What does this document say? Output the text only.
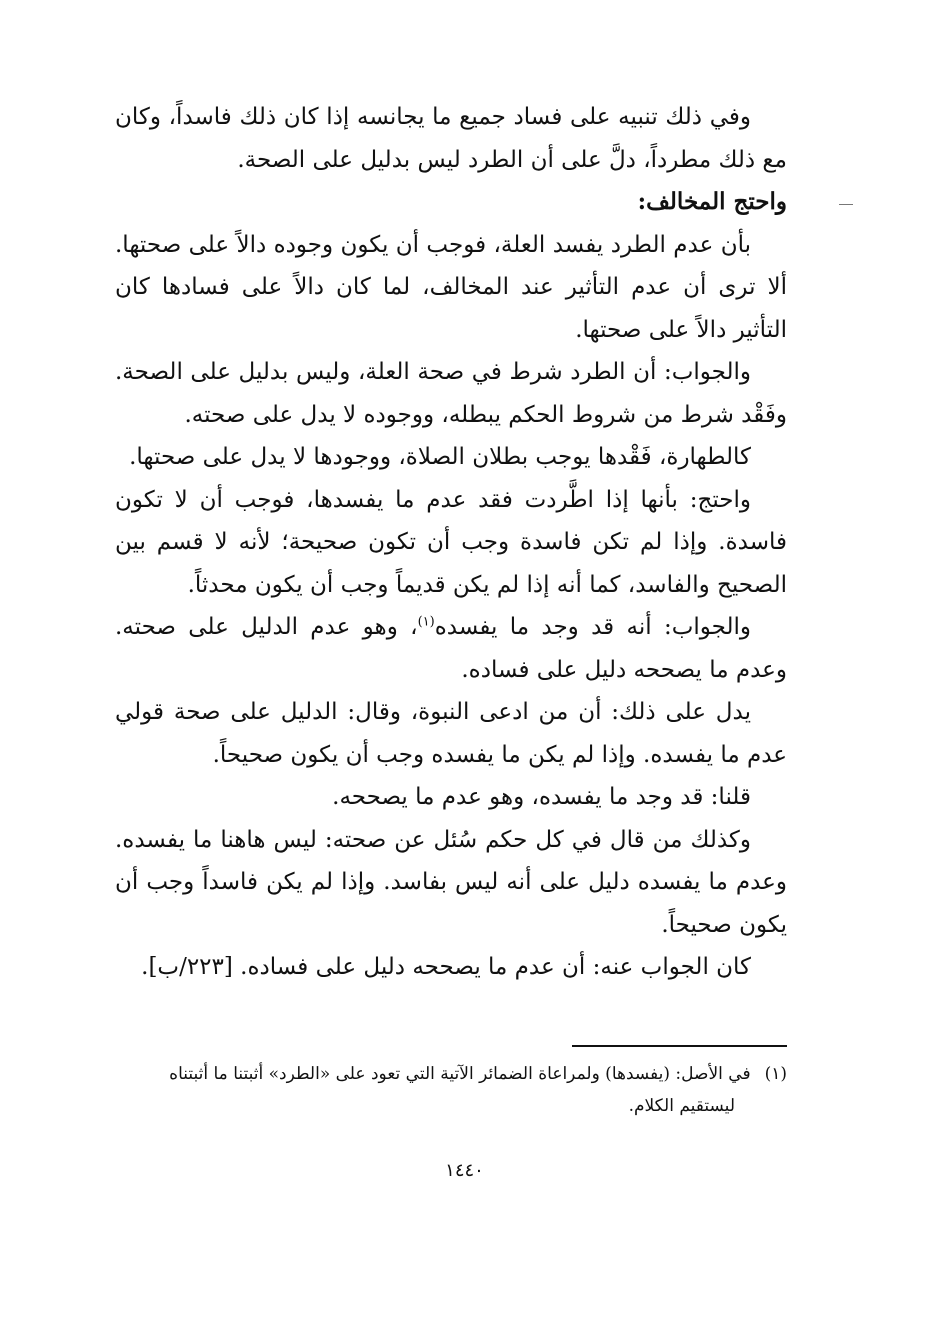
وفي ذلك تنبيه على فساد جميع ما يجانسه إذا كان ذلك فاسداً، وكان مع ذلك مطرداً، دلَّ على أن الطرد ليس بدليل على الصحة.

واحتج المخالف:

بأن عدم الطرد يفسد العلة، فوجب أن يكون وجوده دالاً على صحتها. ألا ترى أن عدم التأثير عند المخالف، لما كان دالاً على فسادها كان التأثير دالاً على صحتها.

والجواب: أن الطرد شرط في صحة العلة، وليس بدليل على الصحة. وفَقْد شرط من شروط الحكم يبطله، ووجوده لا يدل على صحته.

كالطهارة، فَقْدها يوجب بطلان الصلاة، ووجودها لا يدل على صحتها.

واحتج: بأنها إذا اطَّردت فقد عدم ما يفسدها، فوجب أن لا تكون فاسدة. وإذا لم تكن فاسدة وجب أن تكون صحيحة؛ لأنه لا قسم بين الصحيح والفاسد، كما أنه إذا لم يكن قديماً وجب أن يكون محدثاً.

والجواب: أنه قد وجد ما يفسده$^{(١)}$، وهو عدم الدليل على صحته. وعدم ما يصححه دليل على فساده.

يدل على ذلك: أن من ادعى النبوة، وقال: الدليل على صحة قولي عدم ما يفسده. وإذا لم يكن ما يفسده وجب أن يكون صحيحاً.

قلنا: قد وجد ما يفسده، وهو عدم ما يصححه.

وكذلك من قال في كل حكم سُئل عن صحته: ليس هاهنا ما يفسده. وعدم ما يفسده دليل على أنه ليس بفاسد. وإذا لم يكن فاسداً وجب أن يكون صحيحاً.

كان الجواب عنه: أن عدم ما يصححه دليل على فساده. [٢٢٣/ب].

(١)في الأصل: (يفسدها) ولمراعاة الضمائر الآتية التي تعود على «الطرد» أثبتنا ما أثبتناه
ليستقيم الكلام.
١٤٤٠
